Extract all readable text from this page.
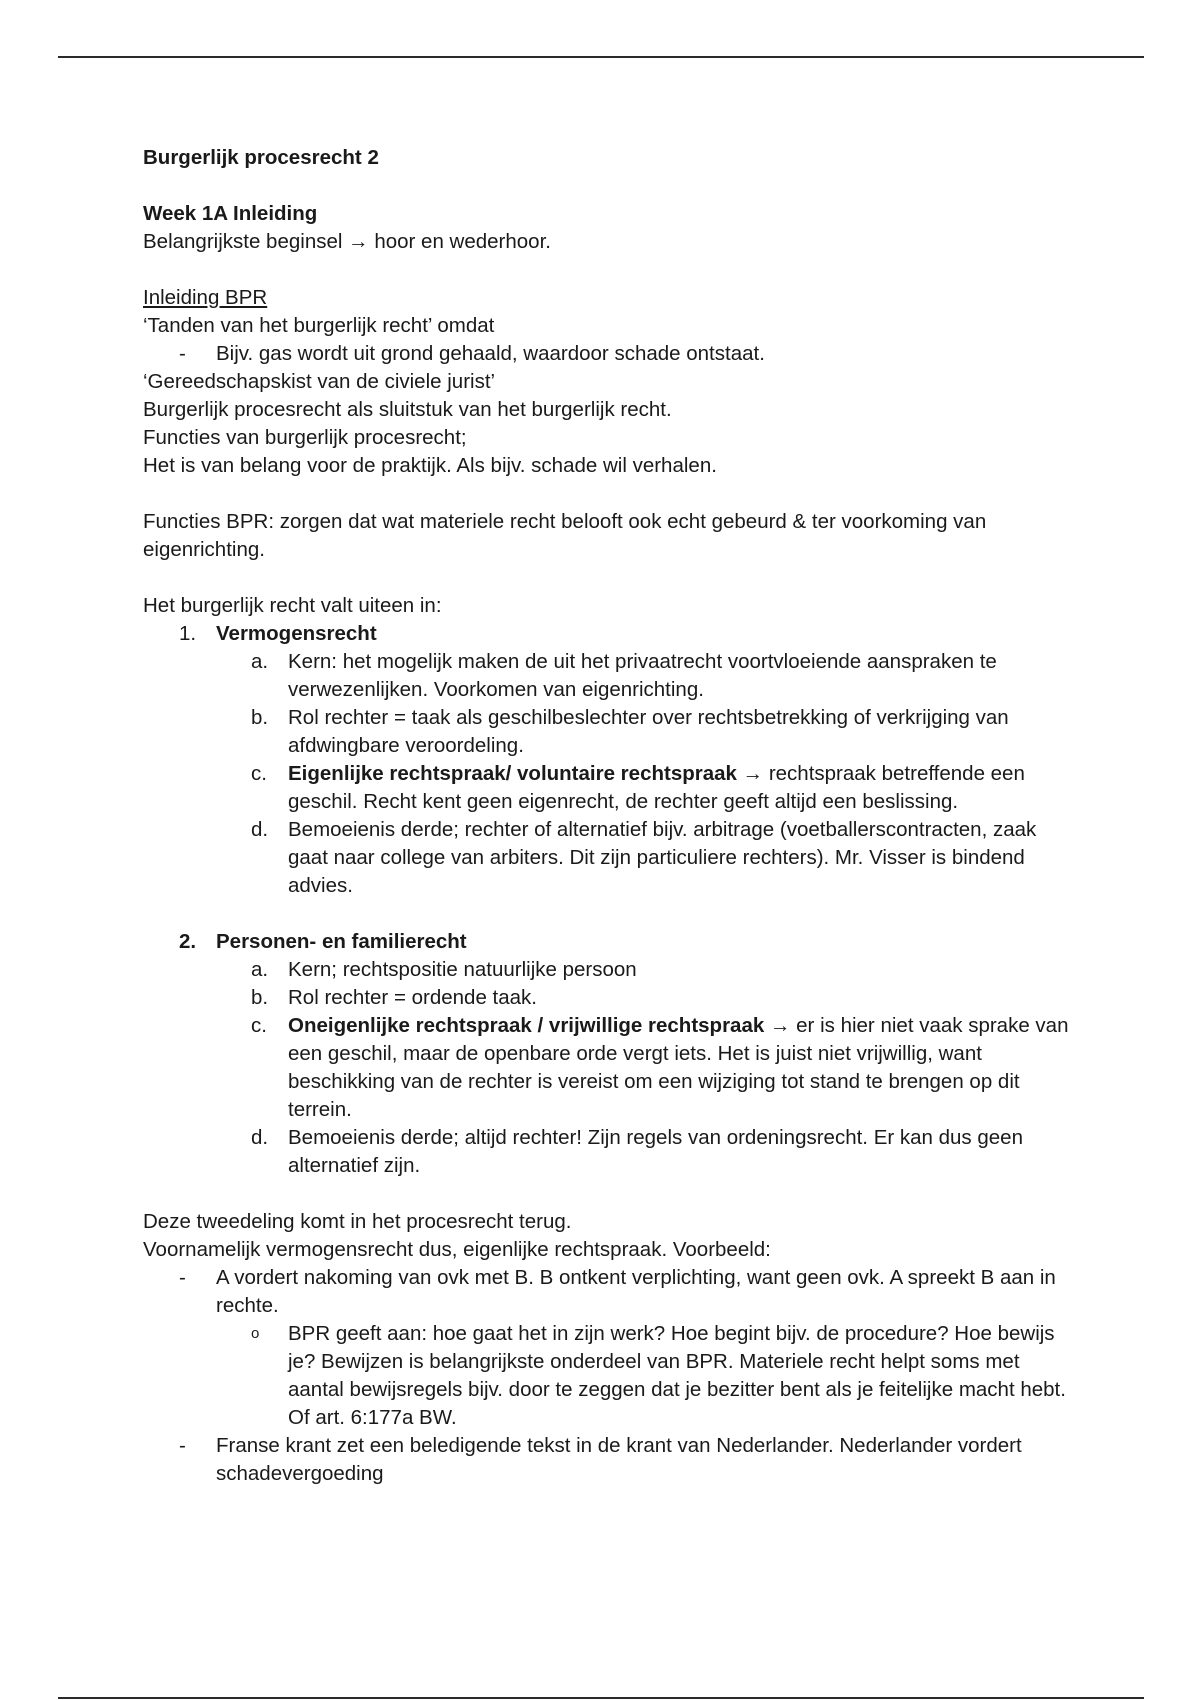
Burgerlijk procesrecht 2

Week 1A Inleiding

Belangrijkste beginsel → hoor en wederhoor.

Inleiding BPR

‘Tanden van het burgerlijk recht’ omdat

-	Bijv. gas wordt uit grond gehaald, waardoor schade ontstaat.

‘Gereedschapskist van de civiele jurist’

Burgerlijk procesrecht als sluitstuk van het burgerlijk recht.

Functies van burgerlijk procesrecht;

Het is van belang voor de praktijk. Als bijv. schade wil verhalen.

Functies BPR: zorgen dat wat materiele recht belooft ook echt gebeurd & ter voorkoming van eigenrichting.

Het burgerlijk recht valt uiteen in:

1. Vermogensrecht
a. Kern: het mogelijk maken de uit het privaatrecht voortvloeiende aanspraken te verwezenlijken. Voorkomen van eigenrichting.
b. Rol rechter = taak als geschilbeslechter over rechtsbetrekking of verkrijging van afdwingbare veroordeling.
c.	Eigenlijke rechtspraak/ voluntaire rechtspraak → rechtspraak betreffende een geschil. Recht kent geen eigenrecht, de rechter geeft altijd een beslissing.
d. Bemoeienis derde; rechter of alternatief bijv. arbitrage (voetballerscontracten, zaak gaat naar college van arbiters. Dit zijn particuliere rechters). Mr. Visser is bindend advies.
2. Personen- en familierecht
a. Kern; rechtspositie natuurlijke persoon
b. Rol rechter = ordende taak.
c.	Oneigenlijke rechtspraak / vrijwillige rechtspraak → er is hier niet vaak sprake van een geschil, maar de openbare orde vergt iets. Het is juist niet vrijwillig, want beschikking van de rechter is vereist om een wijziging tot stand te brengen op dit terrein.
d. Bemoeienis derde; altijd rechter! Zijn regels van ordeningsrecht. Er kan dus geen alternatief zijn.

Deze tweedeling komt in het procesrecht terug.

Voornamelijk vermogensrecht dus, eigenlijke rechtspraak. Voorbeeld:

-	A vordert nakoming van ovk met B. B ontkent verplichting, want geen ovk. A spreekt B aan in rechte.
o	BPR geeft aan: hoe gaat het in zijn werk? Hoe begint bijv. de procedure? Hoe bewijs je? Bewijzen is belangrijkste onderdeel van BPR. Materiele recht helpt soms met aantal bewijsregels bijv. door te zeggen dat je bezitter bent als je feitelijke macht hebt. Of art. 6:177a BW.
-	Franse krant zet een beledigende tekst in de krant van Nederlander. Nederlander vordert schadevergoeding
